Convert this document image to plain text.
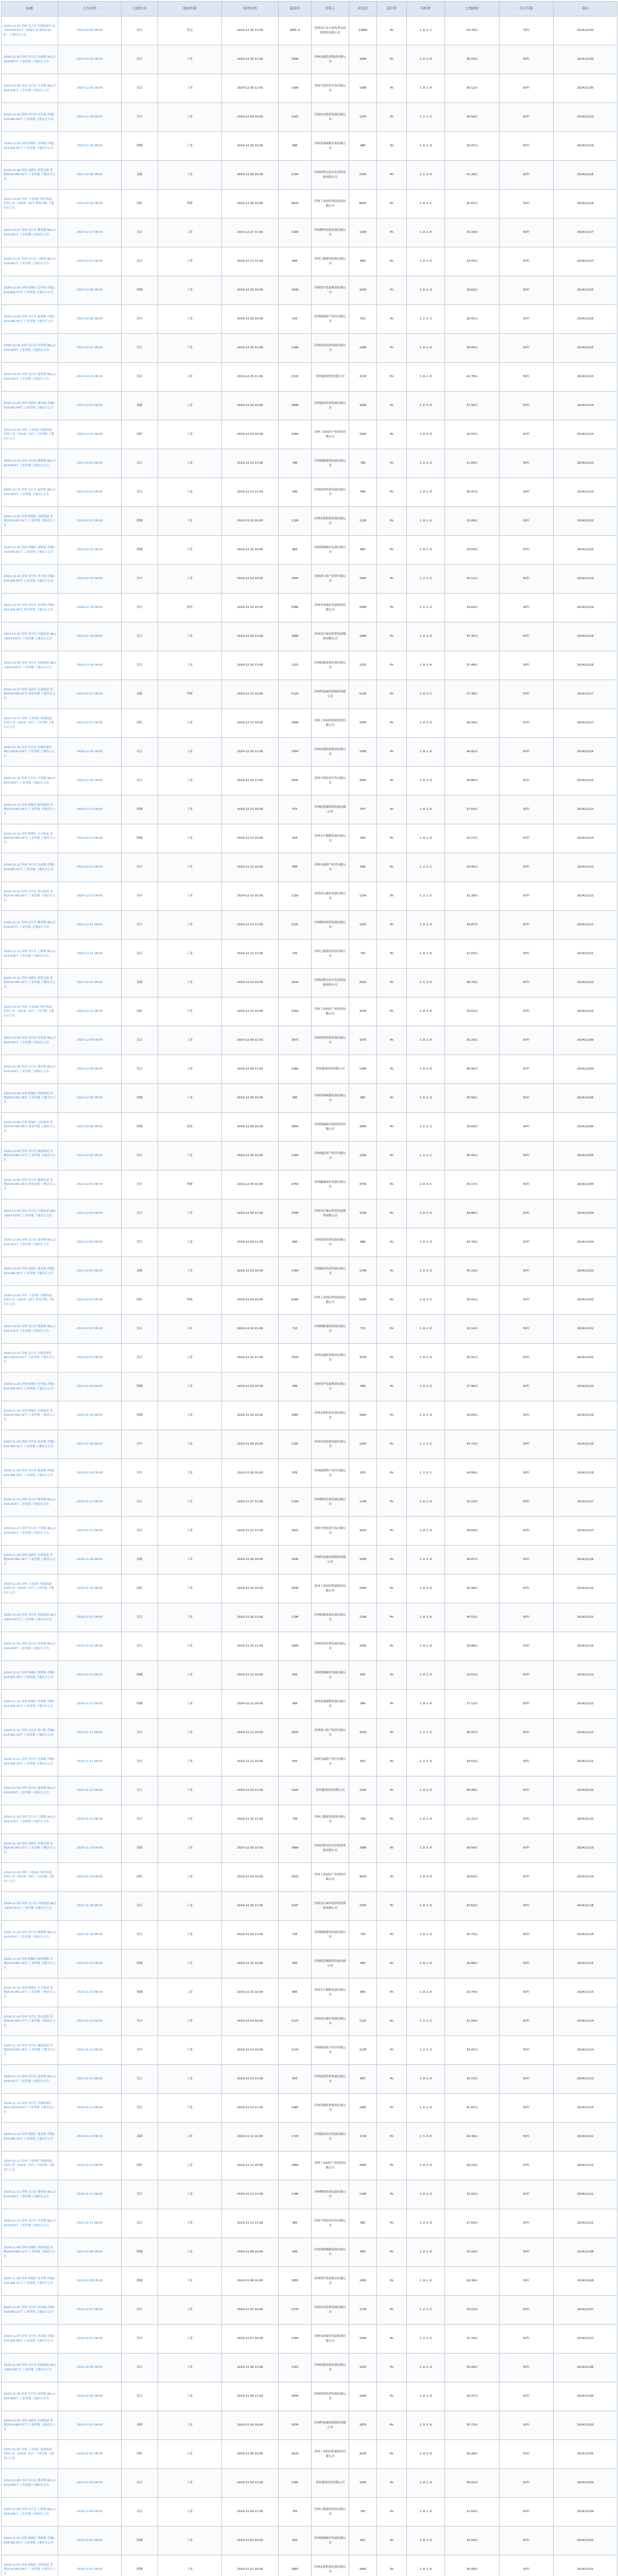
标题	公告时间	行政区县	地块用途	拍卖时间	起拍价	竞得人	成交价	溢价率	容积率	土地面积	出让年限	备注
2024-12-30 苏州 吴江区 汾湖高新区 JL-ZX2024-53号（原编号 JY-2024-026） 土地出让公告	2024-12-30 08:00	吴江	住宅	2024-12-30 11:00	1856.6	苏州吴江东方国有资本投资集团有限公司	23600	0%	1.6-2.2	53.76亩	70年	2024/12/30
2024-12-30 苏州 吴江区 汾湖镇 WJ-J-2024-007号 工业用地 土地出让公告	2024-12-30 08:00	吴江	工业	2024-12-30 11:00	1600	苏州汾湖投资集团有限公司	1600	0%	1.0-2.0	45.03亩	50年	2024/12/30
2024-12-30 苏州 吴江区 平望镇 WJ-J-2024-036号 工业用地 土地出让公告	2024-12-30 08:00	吴江	工业	2024-12-30 11:00	1390	苏州平望经济开发有限公司	1390	0%	1.0-2.0	39.12亩	50年	2024/12/30
2024-12-29 苏州 吴中区 甪直镇 苏地2024-WG-58号 工业用地 土地出让公告	2024-12-29 08:00	吴中	工业	2024-12-29 10:00	1245	苏州甪直投资发展有限公司	1245	0%	1.2-2.5	35.56亩	50年	2024/12/29
2024-12-29 苏州 相城区 黄埭镇 苏地2024-WG-61号 工业用地 土地出让公告	2024-12-29 08:00	相城	工业	2024-12-29 10:00	980	苏州黄埭城镇发展有限公司	980	0%	1.0-2.0	28.47亩	50年	2024/12/29
2024-12-28 苏州 高新区 浒墅关镇 苏地2024-WG-63号 工业用地 土地出让公告	2024-12-28 08:00	高新	工业	2024-12-28 10:00	2150	苏州浒墅关经开区投资发展有限公司	2150	0%	1.5-3.0	41.26亩	50年	2024/12/28
2024-12-28 苏州 工业园区 唯亭街道 苏园土挂（2024）36号 研发用地 土地出让公告	2024-12-28 08:00	园区	科研	2024-12-28 10:00	6820	苏州工业园区科技发展有限公司	6820	0%	2.0-3.5	32.87亩	50年	2024/12/28
2024-12-27 苏州 吴江区 黎里镇 WJ-J-2024-041号 工业用地 土地出让公告	2024-12-27 08:00	吴江	工业	2024-12-27 11:00	1160	苏州黎里投资发展有限公司	1160	0%	1.0-2.0	33.18亩	50年	2024/12/27
2024-12-27 苏州 吴江区 七都镇 WJ-J-2024-042号 工业用地 土地出让公告	2024-12-27 08:00	吴江	工业	2024-12-27 11:00	860	苏州七都建设投资有限公司	860	0%	1.0-2.0	24.05亩	50年	2024/12/27
2024-12-26 苏州 相城区 望亭镇 苏地2024-WG-57号 工业用地 土地出让公告	2024-12-26 08:00	相城	工业	2024-12-26 10:00	1030	苏州望亭发展集团有限公司	1030	0%	1.0-2.0	29.63亩	50年	2024/12/26
2024-12-26 苏州 吴中区 临湖镇 苏地2024-WG-55号 工业用地 土地出让公告	2024-12-26 08:00	吴中	工业	2024-12-26 10:00	925	苏州临湖资产经营有限公司	925	0%	1.2-2.5	26.41亩	50年	2024/12/26
2024-12-25 苏州 吴江区 同里镇 WJ-J-2024-038号 工业用地 土地出让公告	2024-12-25 08:00	吴江	工业	2024-12-25 11:00	1280	苏州同里投资发展有限公司	1280	0%	1.0-2.0	36.45亩	50年	2024/12/25
2024-12-25 苏州 吴江区 盛泽镇 WJ-J-2024-039号 工业用地 土地出让公告	2024-12-25 08:00	吴江	工业	2024-12-25 11:00	1510	苏州盛泽投资有限公司	1510	0%	1.0-2.0	42.78亩	50年	2024/12/25
2024-12-24 苏州 高新区 通安镇 苏地2024-WG-54号 工业用地 土地出让公告	2024-12-24 08:00	高新	工业	2024-12-24 10:00	1890	苏州通安经济发展有限公司	1890	0%	1.5-3.0	37.92亩	50年	2024/12/24
2024-12-24 苏州 工业园区 斜塘街道 苏园土挂（2024）35号 工业用地 土地出让公告	2024-12-24 08:00	园区	工业	2024-12-24 10:00	3260	苏州工业园区产业投资有限公司	3260	0%	2.0-3.0	30.55亩	50年	2024/12/24
2024-12-23 苏州 吴江区 桃源镇 WJ-J-2024-034号 工业用地 土地出让公告	2024-12-23 08:00	吴江	工业	2024-12-23 11:00	780	苏州桃源建设发展有限公司	780	0%	1.0-2.0	21.84亩	50年	2024/12/23
2024-12-23 苏州 吴江区 震泽镇 WJ-J-2024-035号 工业用地 土地出让公告	2024-12-23 08:00	吴江	工业	2024-12-23 11:00	940	苏州震泽投资发展有限公司	940	0%	1.0-2.0	26.97亩	50年	2024/12/23
2024-12-20 苏州 相城区 北桥街道 苏地2024-WG-52号 工业用地 土地出让公告	2024-12-20 08:00	相城	工业	2024-12-20 10:00	1120	苏州北桥投资发展有限公司	1120	0%	1.0-2.0	31.66亩	50年	2024/12/20
2024-12-20 苏州 相城区 渭塘镇 苏地2024-WG-51号 工业用地 土地出让公告	2024-12-20 08:00	相城	工业	2024-12-20 10:00	865	苏州渭塘城乡发展有限公司	865	0%	1.0-2.0	24.83亩	50年	2024/12/20
2024-12-19 苏州 吴中区 胥口镇 苏地2024-WG-50号 工业用地 土地出让公告	2024-12-19 08:00	吴中	工业	2024-12-19 10:00	1045	苏州胥口资产经营有限公司	1045	0%	1.2-2.5	29.11亩	50年	2024/12/19
2024-12-19 苏州 吴中区 木渎镇 苏地2024-WG-49号 商业用地 土地出让公告	2024-12-19 08:00	吴中	商业	2024-12-19 10:00	4380	苏州木渎城乡发展集团有限公司	4380	0%	1.5-2.5	18.64亩	40年	2024/12/19
2024-12-18 苏州 吴江区 江陵街道 WJ-J-2024-031号 工业用地 土地出让公告	2024-12-18 08:00	吴江	工业	2024-12-18 11:00	1680	苏州吴江城市投资发展集团有限公司	1680	0%	1.0-2.0	47.35亩	50年	2024/12/18
2024-12-18 苏州 吴江区 松陵街道 WJ-J-2024-032号 工业用地 土地出让公告	2024-12-18 08:00	吴江	工业	2024-12-18 11:00	1325	苏州松陵投资发展有限公司	1325	0%	1.0-2.0	37.48亩	50年	2024/12/18
2024-12-17 苏州 高新区 东渚街道 苏地2024-WG-47号 研发用地 土地出让公告	2024-12-17 08:00	高新	科研	2024-12-17 10:00	5120	苏州科技城发展集团有限公司	5120	0%	2.0-3.5	27.39亩	50年	2024/12/17
2024-12-17 苏州 工业园区 胜浦街道 苏园土挂（2024）33号 工业用地 土地出让公告	2024-12-17 08:00	园区	工业	2024-12-17 10:00	2840	苏州工业园区胜浦投资有限公司	2840	0%	2.0-3.0	28.26亩	50年	2024/12/17
2024-12-16 苏州 吴江区 汾湖高新区 WJ-J-2024-029号 工业用地 土地出让公告	2024-12-16 08:00	吴江	工业	2024-12-16 11:00	1450	苏州汾湖投资集团有限公司	1450	0%	1.0-2.0	40.92亩	50年	2024/12/16
2024-12-16 苏州 吴江区 平望镇 WJ-J-2024-030号 工业用地 土地出让公告	2024-12-16 08:00	吴江	工业	2024-12-16 11:00	1095	苏州平望经济开发有限公司	1095	0%	1.0-2.0	30.86亩	50年	2024/12/16
2024-12-13 苏州 相城区 阳澄湖镇 苏地2024-WG-45号 工业用地 土地出让公告	2024-12-13 08:00	相城	工业	2024-12-13 10:00	975	苏州阳澄湖投资发展有限公司	975	0%	1.0-2.0	27.54亩	50年	2024/12/13
2024-12-13 苏州 相城区 太平街道 苏地2024-WG-44号 工业用地 土地出让公告	2024-12-13 08:00	相城	工业	2024-12-13 10:00	820	苏州太平城镇发展有限公司	820	0%	1.0-2.0	23.17亩	50年	2024/12/13
2024-12-12 苏州 吴中区 光福镇 苏地2024-WG-43号 工业用地 土地出让公告	2024-12-12 08:00	吴中	工业	2024-12-12 10:00	690	苏州光福资产经营有限公司	690	0%	1.2-2.5	19.45亩	50年	2024/12/12
2024-12-12 苏州 吴中区 香山街道 苏地2024-WG-42号 工业用地 土地出让公告	2024-12-12 08:00	吴中	工业	2024-12-12 10:00	1150	苏州香山城乡发展有限公司	1150	0%	1.2-2.5	32.28亩	50年	2024/12/12
2024-12-11 苏州 吴江区 黎里镇 WJ-J-2024-027号 工业用地 土地出让公告	2024-12-11 08:00	吴江	工业	2024-12-11 11:00	1235	苏州黎里投资发展有限公司	1235	0%	1.0-2.0	34.87亩	50年	2024/12/11
2024-12-11 苏州 吴江区 七都镇 WJ-J-2024-028号 工业用地 土地出让公告	2024-12-11 08:00	吴江	工业	2024-12-11 11:00	745	苏州七都建设投资有限公司	745	0%	1.0-2.0	21.03亩	50年	2024/12/11
2024-12-10 苏州 高新区 浒墅关镇 苏地2024-WG-41号 工业用地 土地出让公告	2024-12-10 08:00	高新	工业	2024-12-10 10:00	2010	苏州浒墅关经开区投资发展有限公司	2010	0%	1.5-3.0	38.74亩	50年	2024/12/10
2024-12-10 苏州 工业园区 唯亭街道 苏园土挂（2024）31号 工业用地 土地出让公告	2024-12-10 08:00	园区	工业	2024-12-10 10:00	3150	苏州工业园区产业投资有限公司	3150	0%	2.0-3.0	29.62亩	50年	2024/12/10
2024-12-09 苏州 吴江区 同里镇 WJ-J-2024-025号 工业用地 土地出让公告	2024-12-09 08:00	吴江	工业	2024-12-09 11:00	1075	苏州同里投资发展有限公司	1075	0%	1.0-2.0	30.29亩	50年	2024/12/09
2024-12-09 苏州 吴江区 盛泽镇 WJ-J-2024-026号 工业用地 土地出让公告	2024-12-09 08:00	吴江	工业	2024-12-09 11:00	1380	苏州盛泽投资有限公司	1380	0%	1.0-2.0	38.95亩	50年	2024/12/09
2024-12-06 苏州 相城区 黄桥街道 苏地2024-WG-39号 工业用地 土地出让公告	2024-12-06 08:00	相城	工业	2024-12-06 10:00	905	苏州黄桥城镇发展有限公司	905	0%	1.0-2.0	25.58亩	50年	2024/12/06
2024-12-06 苏州 相城区 元和街道 苏地2024-WG-38号 商业用地 土地出让公告	2024-12-06 08:00	相城	商业	2024-12-06 10:00	3960	苏州相城城市建设投资有限公司	3960	0%	1.5-2.5	16.83亩	40年	2024/12/06
2024-12-05 苏州 吴中区 城南街道 苏地2024-WG-37号 工业用地 土地出让公告	2024-12-05 08:00	吴中	工业	2024-12-05 10:00	1260	苏州城南资产经营有限公司	1260	0%	1.2-2.5	35.42亩	50年	2024/12/05
2024-12-05 苏州 吴中区 越溪街道 苏地2024-WG-36号 研发用地 土地出让公告	2024-12-05 08:00	吴中	科研	2024-12-05 10:00	4750	苏州越溪城乡发展有限公司	4750	0%	2.0-3.5	25.17亩	50年	2024/12/05
2024-12-04 苏州 吴江区 江陵街道 WJ-J-2024-023号 工业用地 土地出让公告	2024-12-04 08:00	吴江	工业	2024-12-04 11:00	1590	苏州吴江城市投资发展集团有限公司	1590	0%	1.0-2.0	44.86亩	50年	2024/12/04
2024-12-04 苏州 吴江区 震泽镇 WJ-J-2024-024号 工业用地 土地出让公告	2024-12-04 08:00	吴江	工业	2024-12-04 11:00	880	苏州震泽投资发展有限公司	880	0%	1.0-2.0	24.76亩	50年	2024/12/04
2024-12-03 苏州 高新区 通安镇 苏地2024-WG-35号 工业用地 土地出让公告	2024-12-03 08:00	高新	工业	2024-12-03 10:00	1760	苏州通安经济发展有限公司	1760	0%	1.5-3.0	35.13亩	50年	2024/12/03
2024-12-03 苏州 工业园区 斜塘街道 苏园土挂（2024）29号 研发用地 土地出让公告	2024-12-03 08:00	园区	科研	2024-12-03 10:00	6280	苏州工业园区科技发展有限公司	6280	0%	2.0-3.5	30.41亩	50年	2024/12/03
2024-12-02 苏州 吴江区 桃源镇 WJ-J-2024-021号 工业用地 土地出让公告	2024-12-02 08:00	吴江	工业	2024-12-02 11:00	715	苏州桃源建设发展有限公司	715	0%	1.0-2.0	20.14亩	50年	2024/12/02
2024-12-02 苏州 吴江区 汾湖高新区 WJ-J-2024-022号 工业用地 土地出让公告	2024-12-02 08:00	吴江	工业	2024-12-02 11:00	1520	苏州汾湖投资集团有限公司	1520	0%	1.0-2.0	42.91亩	50年	2024/12/02
2024-11-29 苏州 相城区 望亭镇 苏地2024-WG-33号 工业用地 土地出让公告	2024-11-29 08:00	相城	工业	2024-11-29 10:00	990	苏州望亭发展集团有限公司	990	0%	1.0-2.0	27.96亩	50年	2024/11/29
2024-11-29 苏州 相城区 北桥街道 苏地2024-WG-32号 工业用地 土地出让公告	2024-11-29 08:00	相城	工业	2024-11-29 10:00	1085	苏州北桥投资发展有限公司	1085	0%	1.0-2.0	30.64亩	50年	2024/11/29
2024-11-28 苏州 吴中区 甪直镇 苏地2024-WG-31号 工业用地 土地出让公告	2024-11-28 08:00	吴中	工业	2024-11-28 10:00	1195	苏州甪直投资发展有限公司	1195	0%	1.2-2.5	33.72亩	50年	2024/11/28
2024-11-28 苏州 吴中区 临湖镇 苏地2024-WG-30号 工业用地 土地出让公告	2024-11-28 08:00	吴中	工业	2024-11-28 10:00	870	苏州临湖资产经营有限公司	870	0%	1.2-2.5	24.58亩	50年	2024/11/28
2024-11-27 苏州 吴江区 黎里镇 WJ-J-2024-019号 工业用地 土地出让公告	2024-11-27 08:00	吴江	工业	2024-11-27 11:00	1140	苏州黎里投资发展有限公司	1140	0%	1.0-2.0	32.15亩	50年	2024/11/27
2024-11-27 苏州 吴江区 平望镇 WJ-J-2024-020号 工业用地 土地出让公告	2024-11-27 08:00	吴江	工业	2024-11-27 11:00	1015	苏州平望经济开发有限公司	1015	0%	1.0-2.0	28.69亩	50年	2024/11/27
2024-11-26 苏州 高新区 东渚街道 苏地2024-WG-28号 工业用地 土地出让公告	2024-11-26 08:00	高新	工业	2024-11-26 10:00	1930	苏州科技城发展集团有限公司	1930	0%	1.5-3.0	36.87亩	50年	2024/11/26
2024-11-26 苏州 工业园区 胜浦街道 苏园土挂（2024）27号 工业用地 土地出让公告	2024-11-26 08:00	园区	工业	2024-11-26 10:00	2690	苏州工业园区胜浦投资有限公司	2690	0%	2.0-3.0	26.94亩	50年	2024/11/26
2024-11-25 苏州 吴江区 松陵街道 WJ-J-2024-017号 工业用地 土地出让公告	2024-11-25 08:00	吴江	工业	2024-11-25 11:00	1290	苏州松陵投资发展有限公司	1290	0%	1.0-2.0	36.53亩	50年	2024/11/25
2024-11-25 苏州 吴江区 同里镇 WJ-J-2024-018号 工业用地 土地出让公告	2024-11-25 08:00	吴江	工业	2024-11-25 11:00	1060	苏州同里投资发展有限公司	1060	0%	1.0-2.0	29.88亩	50年	2024/11/25
2024-11-22 苏州 相城区 渭塘镇 苏地2024-WG-26号 工业用地 土地出让公告	2024-11-22 08:00	相城	工业	2024-11-22 10:00	835	苏州渭塘城乡发展有限公司	835	0%	1.0-2.0	23.61亩	50年	2024/11/22
2024-11-22 苏州 相城区 黄埭镇 苏地2024-WG-25号 工业用地 土地出让公告	2024-11-22 08:00	相城	工业	2024-11-22 10:00	960	苏州黄埭城镇发展有限公司	960	0%	1.0-2.0	27.12亩	50年	2024/11/22
2024-11-21 苏州 吴中区 胥口镇 苏地2024-WG-24号 工业用地 土地出让公告	2024-11-21 08:00	吴中	工业	2024-11-21 10:00	1010	苏州胥口资产经营有限公司	1010	0%	1.2-2.5	28.47亩	50年	2024/11/21
2024-11-21 苏州 吴中区 光福镇 苏地2024-WG-23号 工业用地 土地出让公告	2024-11-21 08:00	吴中	工业	2024-11-21 10:00	655	苏州光福资产经营有限公司	655	0%	1.2-2.5	18.52亩	50年	2024/11/21
2024-11-20 苏州 吴江区 盛泽镇 WJ-J-2024-015号 工业用地 土地出让公告	2024-11-20 08:00	吴江	工业	2024-11-20 11:00	1420	苏州盛泽投资有限公司	1420	0%	1.0-2.0	40.08亩	50年	2024/11/20
2024-11-20 苏州 吴江区 七都镇 WJ-J-2024-016号 工业用地 土地出让公告	2024-11-20 08:00	吴江	工业	2024-11-20 11:00	790	苏州七都建设投资有限公司	790	0%	1.0-2.0	22.31亩	50年	2024/11/20
2024-11-19 苏州 高新区 浒墅关镇 苏地2024-WG-21号 工业用地 土地出让公告	2024-11-19 08:00	高新	工业	2024-11-19 10:00	2080	苏州浒墅关经开区投资发展有限公司	2080	0%	1.5-3.0	39.56亩	50年	2024/11/19
2024-11-19 苏州 工业园区 唯亭街道 苏园土挂（2024）25号 工业用地 土地出让公告	2024-11-19 08:00	园区	工业	2024-11-19 10:00	3020	苏州工业园区产业投资有限公司	3020	0%	2.0-3.0	28.83亩	50年	2024/11/19
2024-11-18 苏州 吴江区 江陵街道 WJ-J-2024-013号 工业用地 土地出让公告	2024-11-18 08:00	吴江	工业	2024-11-18 11:00	1545	苏州吴江城市投资发展集团有限公司	1545	0%	1.0-2.0	43.62亩	50年	2024/11/18
2024-11-18 苏州 吴江区 桃源镇 WJ-J-2024-014号 工业用地 土地出让公告	2024-11-18 08:00	吴江	工业	2024-11-18 11:00	735	苏州桃源建设发展有限公司	735	0%	1.0-2.0	20.73亩	50年	2024/11/18
2024-11-15 苏州 相城区 阳澄湖镇 苏地2024-WG-19号 工业用地 土地出让公告	2024-11-15 08:00	相城	工业	2024-11-15 10:00	945	苏州阳澄湖投资发展有限公司	945	0%	1.0-2.0	26.68亩	50年	2024/11/15
2024-11-15 苏州 相城区 太平街道 苏地2024-WG-18号 工业用地 土地出让公告	2024-11-15 08:00	相城	工业	2024-11-15 10:00	805	苏州太平城镇发展有限公司	805	0%	1.0-2.0	22.74亩	50年	2024/11/15
2024-11-14 苏州 吴中区 香山街道 苏地2024-WG-17号 工业用地 土地出让公告	2024-11-14 08:00	吴中	工业	2024-11-14 10:00	1125	苏州香山城乡发展有限公司	1125	0%	1.2-2.5	31.59亩	50年	2024/11/14
2024-11-14 苏州 吴中区 城南街道 苏地2024-WG-16号 工业用地 土地出让公告	2024-11-14 08:00	吴中	工业	2024-11-14 10:00	1210	苏州城南资产经营有限公司	1210	0%	1.2-2.5	34.05亩	50年	2024/11/14
2024-11-13 苏州 吴江区 震泽镇 WJ-J-2024-011号 工业用地 土地出让公告	2024-11-13 08:00	吴江	工业	2024-11-13 11:00	855	苏州震泽投资发展有限公司	855	0%	1.0-2.0	24.13亩	50年	2024/11/13
2024-11-13 苏州 吴江区 汾湖高新区 WJ-J-2024-012号 工业用地 土地出让公告	2024-11-13 08:00	吴江	工业	2024-11-13 11:00	1485	苏州汾湖投资集团有限公司	1485	0%	1.0-2.0	41.87亩	50年	2024/11/13
2024-11-12 苏州 高新区 通安镇 苏地2024-WG-14号 工业用地 土地出让公告	2024-11-12 08:00	高新	工业	2024-11-12 10:00	1720	苏州通安经济发展有限公司	1720	0%	1.5-3.0	34.36亩	50年	2024/11/12
2024-11-12 苏州 工业园区 斜塘街道 苏园土挂（2024）23号 工业用地 土地出让公告	2024-11-12 08:00	园区	工业	2024-11-12 10:00	2960	苏州工业园区产业投资有限公司	2960	0%	2.0-3.0	28.15亩	50年	2024/11/12
2024-11-11 苏州 吴江区 黎里镇 WJ-J-2024-009号 工业用地 土地出让公告	2024-11-11 08:00	吴江	工业	2024-11-11 11:00	1100	苏州黎里投资发展有限公司	1100	0%	1.0-2.0	31.02亩	50年	2024/11/11
2024-11-11 苏州 吴江区 平望镇 WJ-J-2024-010号 工业用地 土地出让公告	2024-11-11 08:00	吴江	工业	2024-11-11 11:00	985	苏州平望经济开发有限公司	985	0%	1.0-2.0	27.83亩	50年	2024/11/11
2024-11-08 苏州 相城区 黄桥街道 苏地2024-WG-12号 工业用地 土地出让公告	2024-11-08 08:00	相城	工业	2024-11-08 10:00	890	苏州黄桥城镇发展有限公司	890	0%	1.0-2.0	25.14亩	50年	2024/11/08
2024-11-08 苏州 相城区 望亭镇 苏地2024-WG-11号 工业用地 土地出让公告	2024-11-08 08:00	相城	工业	2024-11-08 10:00	1005	苏州望亭发展集团有限公司	1005	0%	1.0-2.0	28.39亩	50年	2024/11/08
2024-11-07 苏州 吴中区 甪直镇 苏地2024-WG-10号 工业用地 土地出让公告	2024-11-07 08:00	吴中	工业	2024-11-07 10:00	1170	苏州甪直投资发展有限公司	1170	0%	1.2-2.5	33.01亩	50年	2024/11/07
2024-11-07 苏州 吴中区 木渎镇 苏地2024-WG-09号 工业用地 土地出让公告	2024-11-07 08:00	吴中	工业	2024-11-07 10:00	1340	苏州木渎城乡发展集团有限公司	1340	0%	1.2-2.5	37.76亩	50年	2024/11/07
2024-11-06 苏州 吴江区 松陵街道 WJ-J-2024-007号 工业用地 土地出让公告	2024-11-06 08:00	吴江	工业	2024-11-06 11:00	1255	苏州松陵投资发展有限公司	1255	0%	1.0-2.0	35.44亩	50年	2024/11/06
2024-11-06 苏州 吴江区 同里镇 WJ-J-2024-008号 工业用地 土地出让公告	2024-11-06 08:00	吴江	工业	2024-11-06 11:00	1040	苏州同里投资发展有限公司	1040	0%	1.0-2.0	29.37亩	50年	2024/11/06
2024-11-05 苏州 高新区 东渚街道 苏地2024-WG-07号 工业用地 土地出让公告	2024-11-05 08:00	高新	工业	2024-11-05 10:00	1870	苏州科技城发展集团有限公司	1870	0%	1.5-3.0	35.72亩	50年	2024/11/05
2024-11-05 苏州 工业园区 胜浦街道 苏园土挂（2024）21号 工业用地 土地出让公告	2024-11-05 08:00	园区	工业	2024-11-05 10:00	2620	苏州工业园区胜浦投资有限公司	2620	0%	2.0-3.0	26.28亩	50年	2024/11/05
2024-11-04 苏州 吴江区 盛泽镇 WJ-J-2024-005号 工业用地 土地出让公告	2024-11-04 08:00	吴江	工业	2024-11-04 11:00	1395	苏州盛泽投资有限公司	1395	0%	1.0-2.0	39.41亩	50年	2024/11/04
2024-11-04 苏州 吴江区 七都镇 WJ-J-2024-006号 工业用地 土地出让公告	2024-11-04 08:00	吴江	工业	2024-11-04 11:00	765	苏州七都建设投资有限公司	765	0%	1.0-2.0	21.59亩	50年	2024/11/04
2024-11-01 苏州 相城区 渭塘镇 苏地2024-WG-05号 工业用地 土地出让公告	2024-11-01 08:00	相城	工业	2024-11-01 10:00	815	苏州渭塘城乡发展有限公司	815	0%	1.0-2.0	23.04亩	50年	2024/11/01
2024-11-01 苏州 相城区 北桥街道 苏地2024-WG-04号 工业用地 土地出让公告	2024-11-01 08:00	相城	工业	2024-11-01 10:00	1065	苏州北桥投资发展有限公司	1065	0%	1.0-2.0	30.08亩	50年	2024/11/01
